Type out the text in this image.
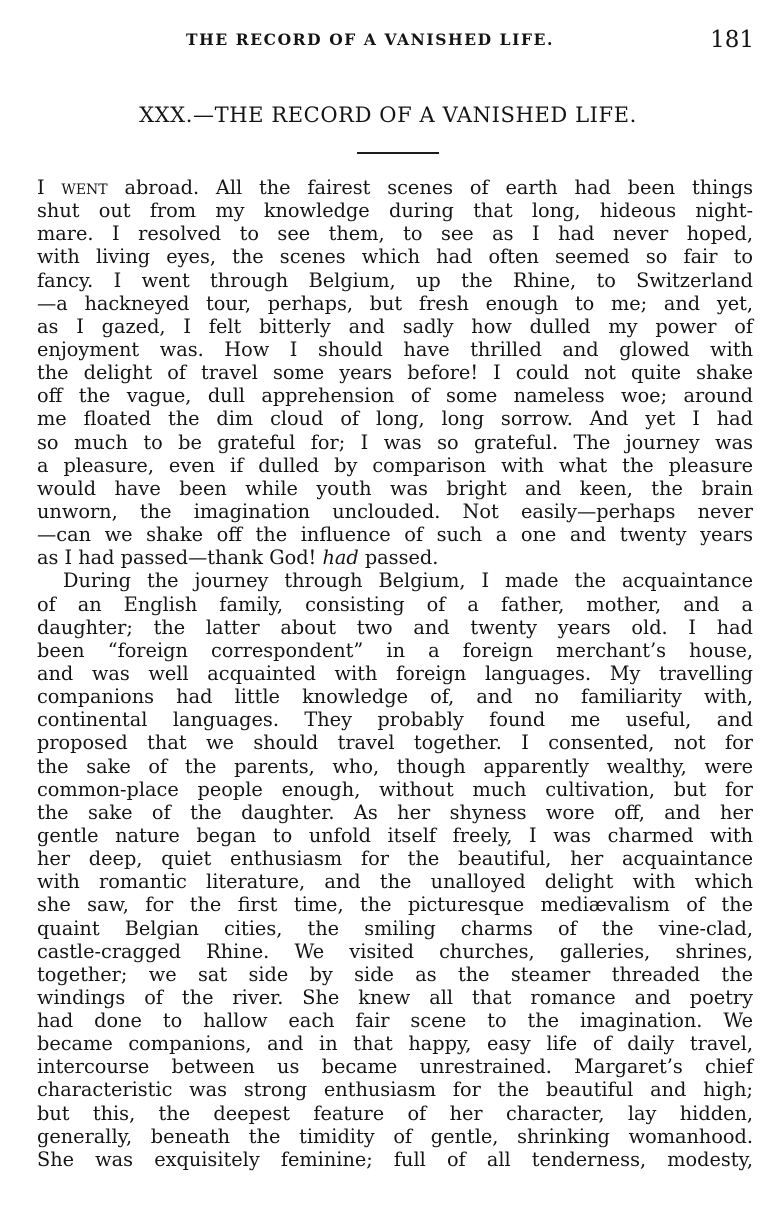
THE RECORD OF A VANISHED LIFE.	181
XXX.—THE RECORD OF A VANISHED LIFE.
I went abroad. All the fairest scenes of earth had been things
shut out from my knowledge during that long, hideous night-
mare. I resolved to see them, to see as I had never hoped,
with living eyes, the scenes which had often seemed so fair to
fancy. I went through Belgium, up the Rhine, to Switzerland
—a hackneyed tour, perhaps, but fresh enough to me; and yet,
as I gazed, I felt bitterly and sadly how dulled my power of
enjoyment was. How I should have thrilled and glowed with
the delight of travel some years before! I could not quite shake
off the vague, dull apprehension of some nameless woe; around
me floated the dim cloud of long, long sorrow. And yet I had
so much to be grateful for; I was so grateful. The journey was
a pleasure, even if dulled by comparison with what the pleasure
would have been while youth was bright and keen, the brain
unworn, the imagination unclouded. Not easily—perhaps never
—can we shake off the influence of such a one and twenty years
as I had passed—thank God! had passed.
During the journey through Belgium, I made the acquaintance
of an English family, consisting of a father, mother, and a
daughter; the latter about two and twenty years old. I had
been “foreign correspondent” in a foreign merchant’s house,
and was well acquainted with foreign languages. My travelling
companions had little knowledge of, and no familiarity with,
continental languages. They probably found me useful, and
proposed that we should travel together. I consented, not for
the sake of the parents, who, though apparently wealthy, were
common-place people enough, without much cultivation, but for
the sake of the daughter. As her shyness wore off, and her
gentle nature began to unfold itself freely, I was charmed with
her deep, quiet enthusiasm for the beautiful, her acquaintance
with romantic literature, and the unalloyed delight with which
she saw, for the first time, the picturesque mediævalism of the
quaint Belgian cities, the smiling charms of the vine-clad,
castle-cragged Rhine. We visited churches, galleries, shrines,
together; we sat side by side as the steamer threaded the
windings of the river. She knew all that romance and poetry
had done to hallow each fair scene to the imagination. We
became companions, and in that happy, easy life of daily travel,
intercourse between us became unrestrained. Margaret’s chief
characteristic was strong enthusiasm for the beautiful and high;
but this, the deepest feature of her character, lay hidden,
generally, beneath the timidity of gentle, shrinking womanhood.
She was exquisitely feminine; full of all tenderness, modesty,
